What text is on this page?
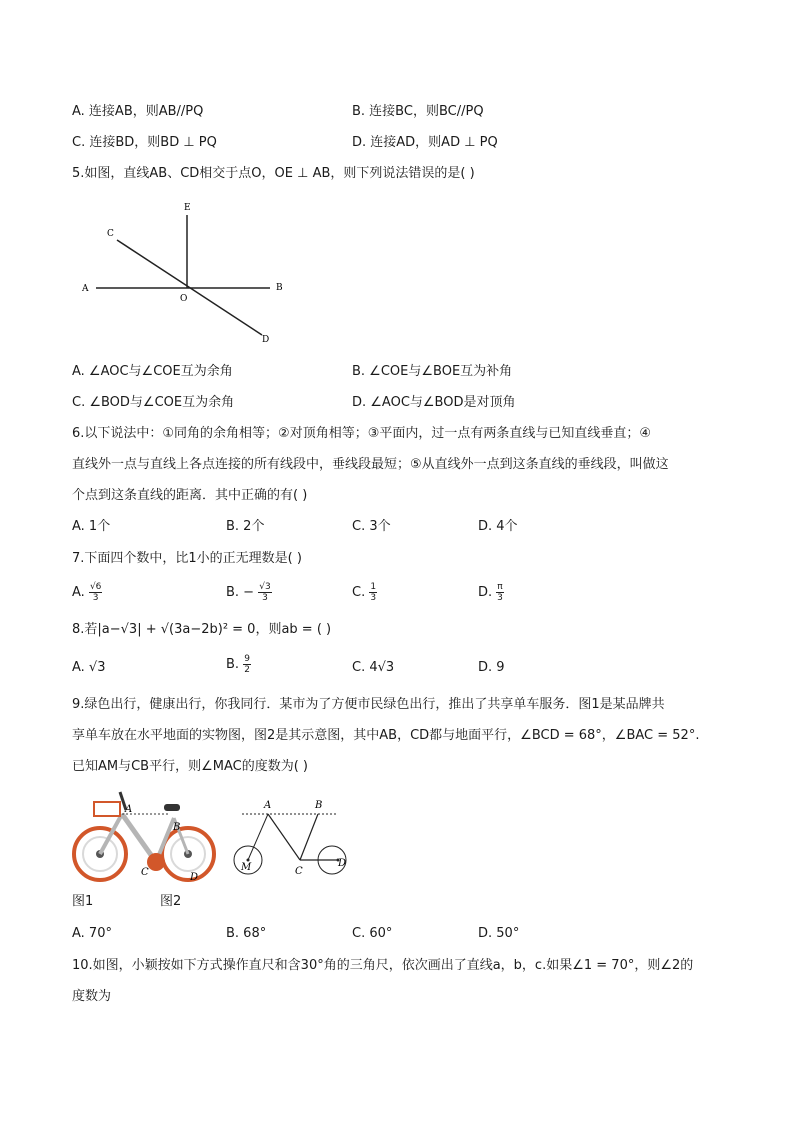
A. 连接AB，则AB//PQ	B. 连接BC，则BC//PQ
C. 连接BD，则BD ⊥ PQ	D. 连接AD，则AD ⊥ PQ
5.如图，直线AB、CD相交于点O，OE ⊥ AB，则下列说法错误的是( )
E
C
A
O
B
D
A. ∠AOC与∠COE互为余角	B. ∠COE与∠BOE互为补角
C. ∠BOD与∠COE互为余角	D. ∠AOC与∠BOD是对顶角
6.以下说法中：①同角的余角相等；②对顶角相等；③平面内，过一点有两条直线与已知直线垂直；④
直线外一点与直线上各点连接的所有线段中，垂线段最短；⑤从直线外一点到这条直线的垂线段，叫做这
个点到这条直线的距离．其中正确的有( )
A. 1个	B. 2个	C. 3个	D. 4个
7.下面四个数中，比1小的正无理数是( )
A. $\frac{√6}{3}$	B. − $\frac{√3}{3}$	C. $\frac{1}{3}$	D. $\frac{\pi}{3}$
8.若|a−√3| + √(3a−2b)² = 0，则ab = ( )
A. √3	B. $\frac{9}{2}$	C. 4√3	D. 9
9.绿色出行，健康出行，你我同行．某市为了方便市民绿色出行，推出了共享单车服务．图1是某品牌共
享单车放在水平地面的实物图，图2是其示意图，其中AB，CD都与地面平行，∠BCD = 68°，∠BAC = 52°.
已知AM与CB平行，则∠MAC的度数为( )
A
B
C	D
A	B
M	C
D
图1	图2
A. 70°	B. 68°	C. 60°	D. 50°
10.如图，小颖按如下方式操作直尺和含30°角的三角尺，依次画出了直线a，b，c.如果∠1 = 70°，则∠2的
度数为
